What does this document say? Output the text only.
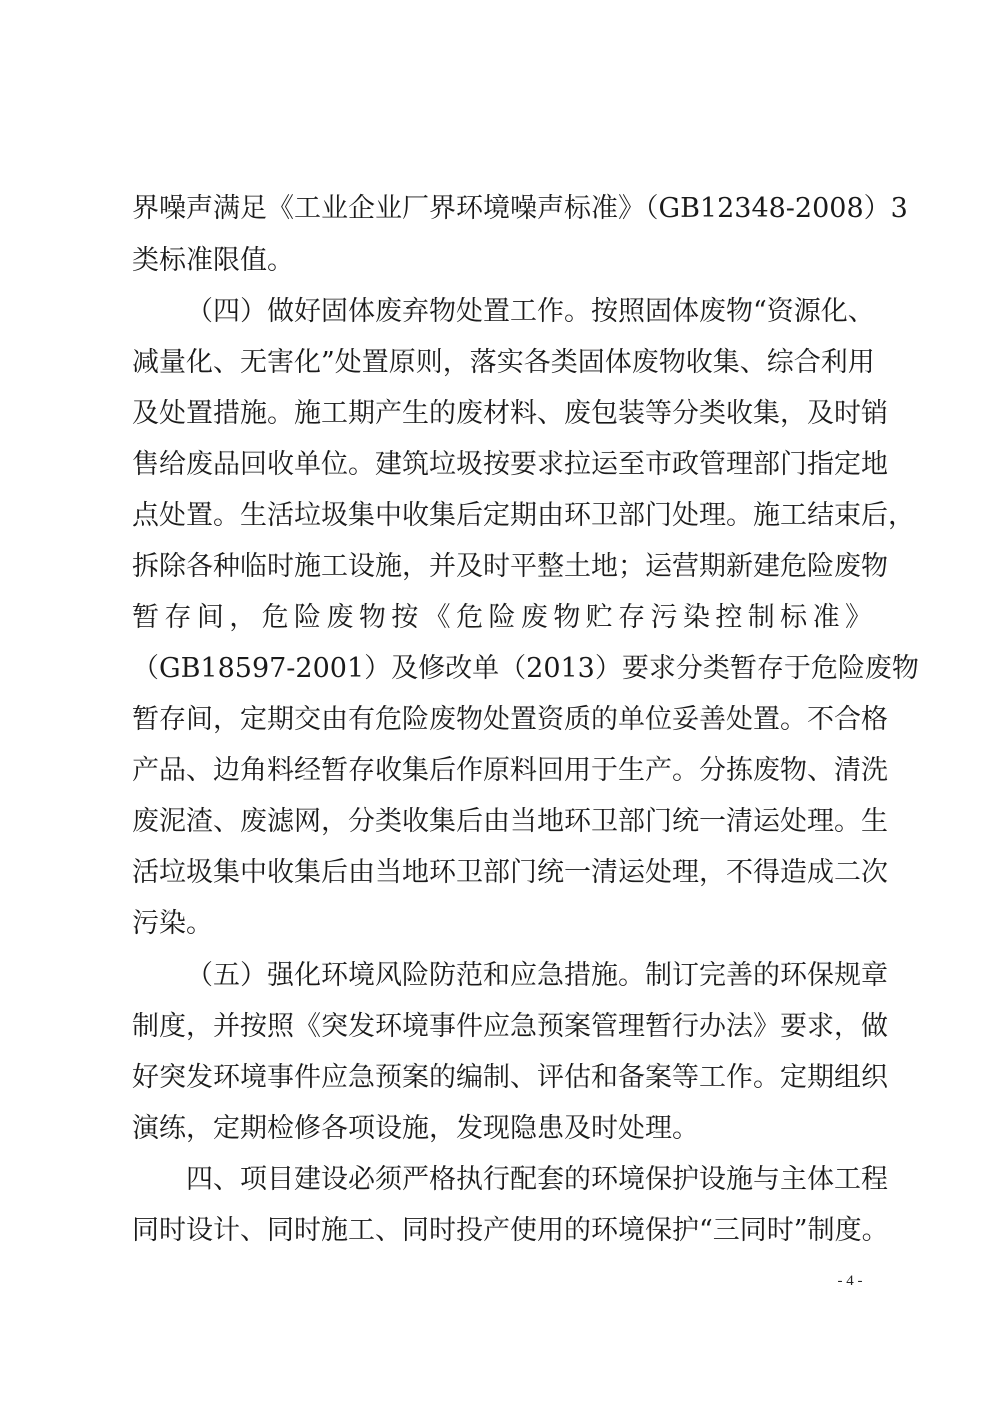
界噪声满足《工业企业厂界环境噪声标准》（GB12348-2008）3
类标准限值。
（四）做好固体废弃物处置工作。按照固体废物“资源化、
减量化、无害化”处置原则，落实各类固体废物收集、综合利用
及处置措施。施工期产生的废材料、废包装等分类收集，及时销
售给废品回收单位。建筑垃圾按要求拉运至市政管理部门指定地
点处置。生活垃圾集中收集后定期由环卫部门处理。施工结束后，
拆除各种临时施工设施，并及时平整土地；运营期新建危险废物
暂存间，危险废物按《危险废物贮存污染控制标准》
（GB18597-2001）及修改单（2013）要求分类暂存于危险废物
暂存间，定期交由有危险废物处置资质的单位妥善处置。不合格
产品、边角料经暂存收集后作原料回用于生产。分拣废物、清洗
废泥渣、废滤网，分类收集后由当地环卫部门统一清运处理。生
活垃圾集中收集后由当地环卫部门统一清运处理，不得造成二次
污染。
（五）强化环境风险防范和应急措施。制订完善的环保规章
制度，并按照《突发环境事件应急预案管理暂行办法》要求，做
好突发环境事件应急预案的编制、评估和备案等工作。定期组织
演练，定期检修各项设施，发现隐患及时处理。
四、项目建设必须严格执行配套的环境保护设施与主体工程
同时设计、同时施工、同时投产使用的环境保护“三同时”制度。
- 4 -
